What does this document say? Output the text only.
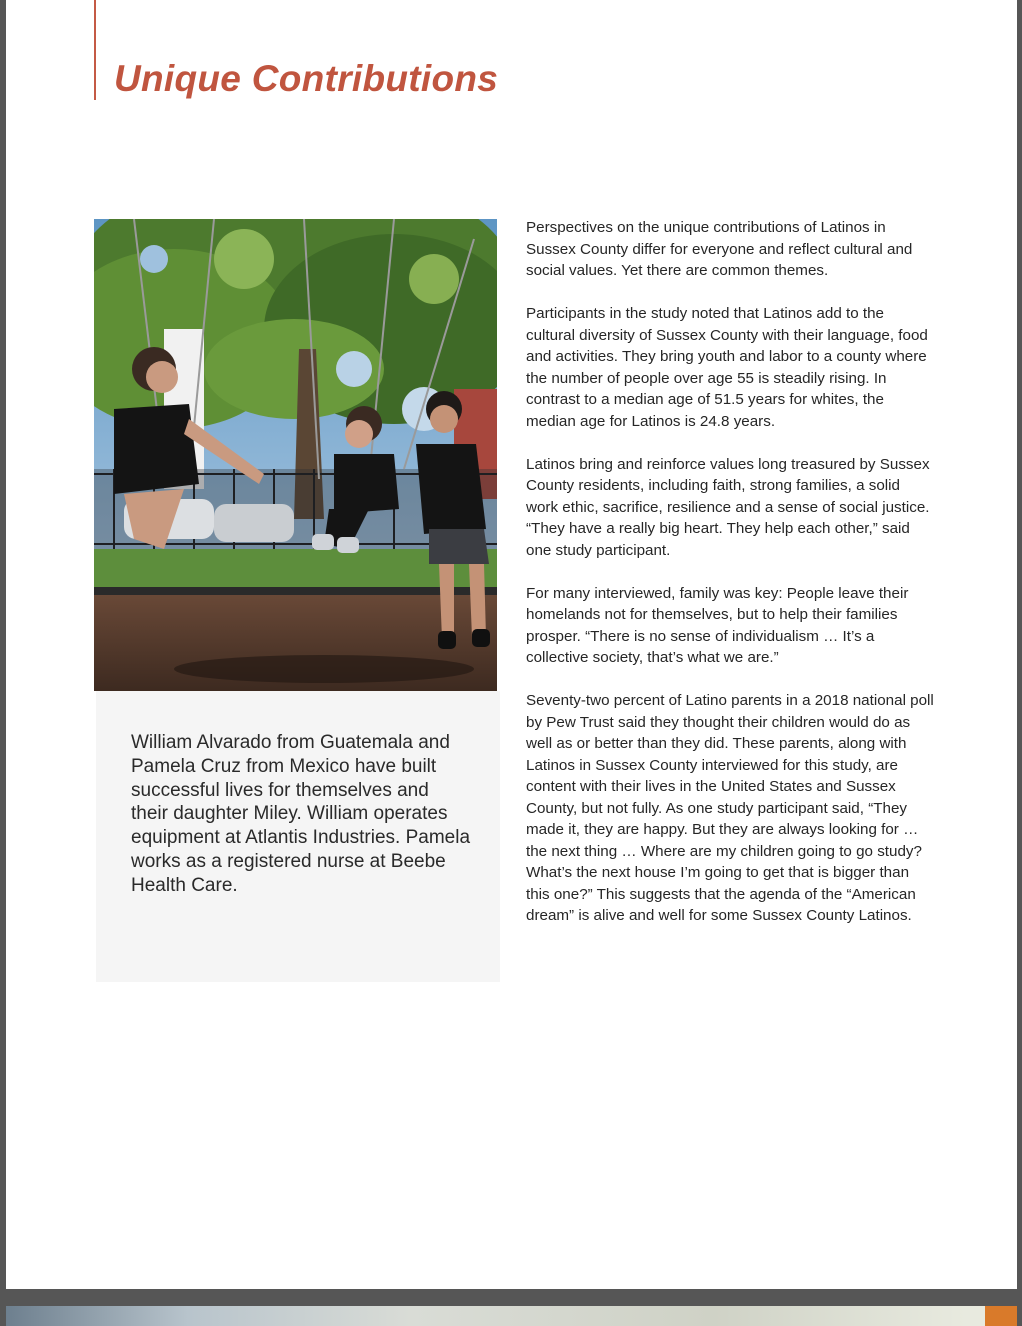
Unique Contributions

William Alvarado from Guatemala and Pamela Cruz from Mexico have built successful lives for themselves and their daughter Miley. William operates equipment at Atlantis Industries. Pamela works as a registered nurse at Beebe Health Care.

Perspectives on the unique contributions of Latinos in Sussex County differ for everyone and reflect cultural and social values. Yet there are common themes.

Participants in the study noted that Latinos add to the cultural diversity of Sussex County with their language, food and activities. They bring youth and labor to a county where the number of people over age 55 is steadily rising. In contrast to a median age of 51.5 years for whites, the median age for Latinos is 24.8 years.

Latinos bring and reinforce values long treasured by Sussex County residents, including faith, strong families, a solid work ethic, sacrifice, resilience and a sense of social justice. “They have a really big heart. They help each other,” said one study participant.

For many interviewed, family was key: People leave their homelands not for themselves, but to help their families prosper. “There is no sense of individualism … It’s a collective society, that’s what we are.”

Seventy-two percent of Latino parents in a 2018 national poll by Pew Trust said they thought their children would do as well as or better than they did. These parents, along with Latinos in Sussex County interviewed for this study, are content with their lives in the United States and Sussex County, but not fully. As one study participant said, “They made it, they are happy. But they are always looking for … the next thing … Where are my children going to go study? What’s the next house I’m going to get that is bigger than this one?” This suggests that the agenda of the “American dream” is alive and well for some Sussex County Latinos.
